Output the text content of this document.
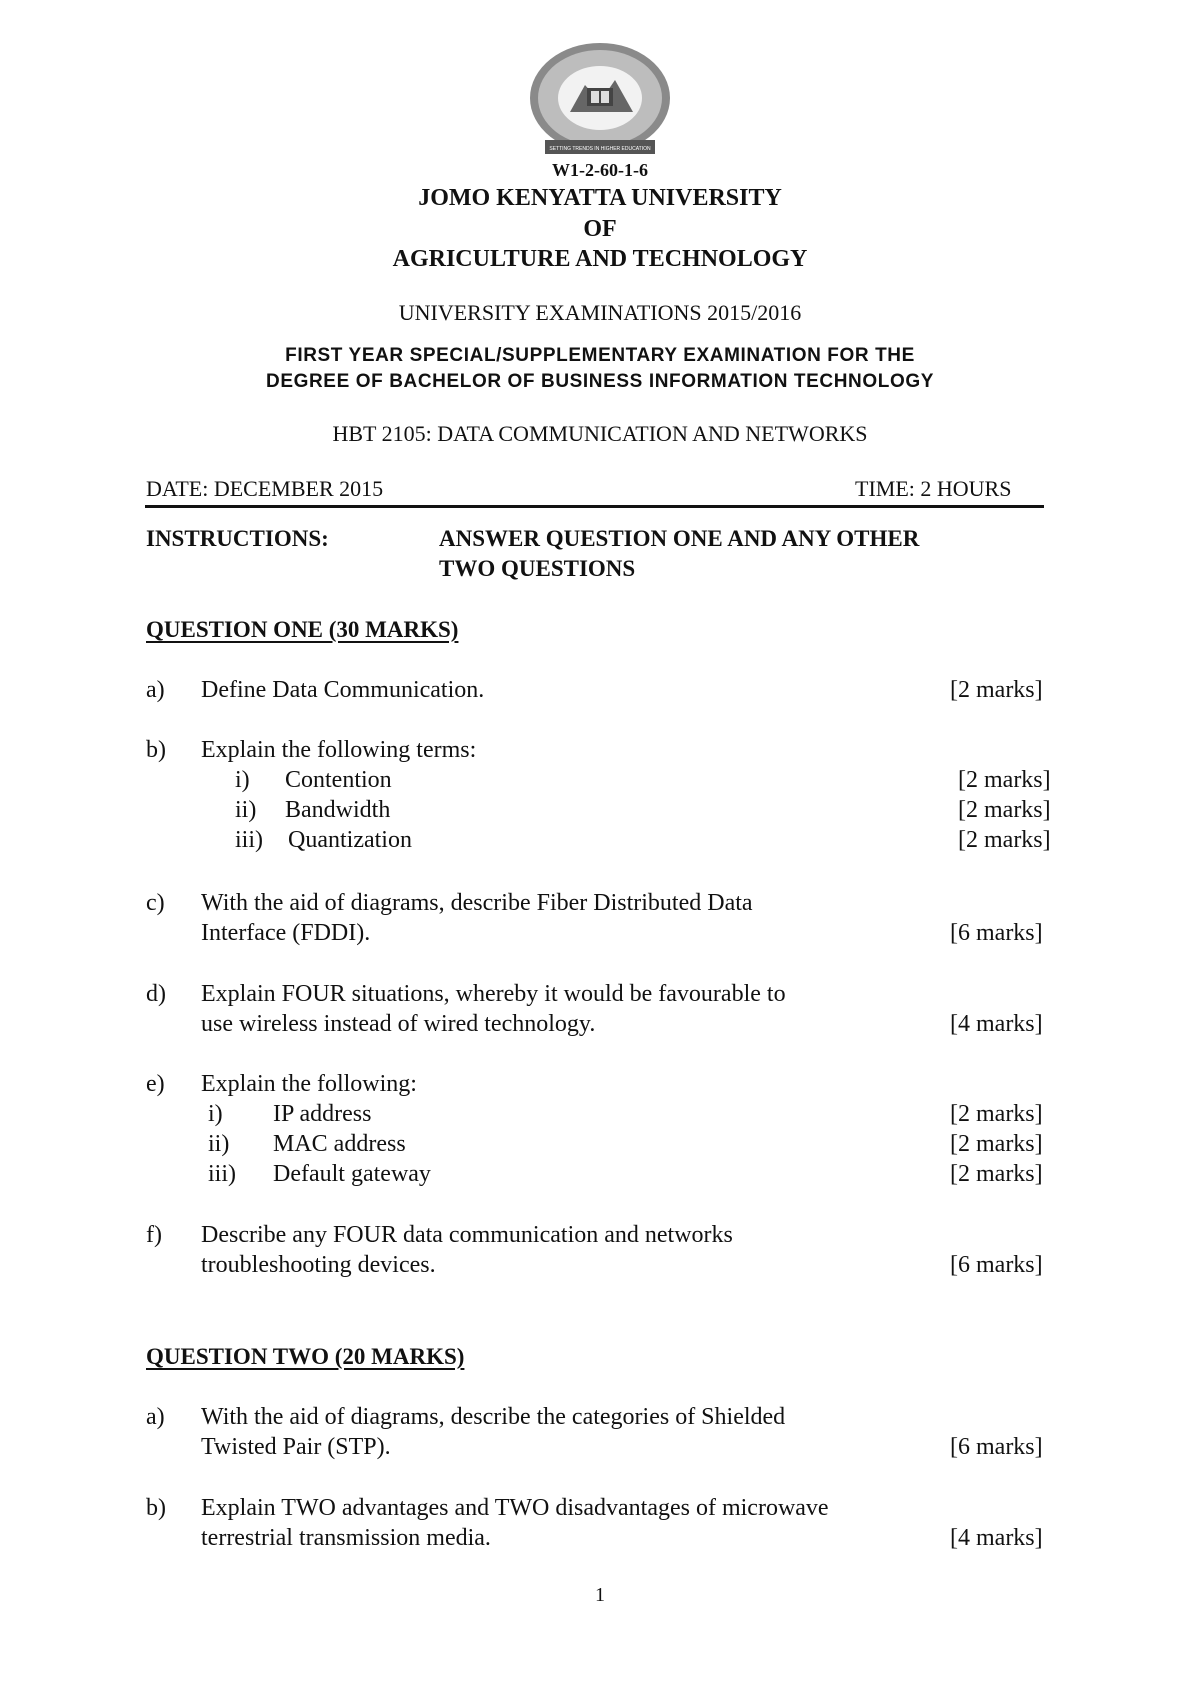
SETTING TRENDS IN HIGHER EDUCATION
W1-2-60-1-6
JOMO KENYATTA UNIVERSITY
OF
AGRICULTURE AND TECHNOLOGY
UNIVERSITY EXAMINATIONS 2015/2016
FIRST YEAR SPECIAL/SUPPLEMENTARY EXAMINATION FOR THE
DEGREE OF BACHELOR OF BUSINESS INFORMATION TECHNOLOGY
HBT 2105: DATA COMMUNICATION AND NETWORKS
DATE: DECEMBER 2015	TIME: 2 HOURS
INSTRUCTIONS:	ANSWER QUESTION ONE AND ANY OTHER
TWO QUESTIONS
QUESTION ONE (30 MARKS)
a) Define Data Communication.	[2 marks]
b) Explain the following terms:
i) Contention	[2 marks]
ii) Bandwidth	[2 marks]
iii) Quantization	[2 marks]
c) With the aid of diagrams, describe Fiber Distributed Data
Interface (FDDI).	[6 marks]
d) Explain FOUR situations, whereby it would be favourable to
use wireless instead of wired technology.	[4 marks]
e) Explain the following:
i) IP address	[2 marks]
ii) MAC address	[2 marks]
iii) Default gateway	[2 marks]
f) Describe any FOUR data communication and networks
troubleshooting devices.	[6 marks]
QUESTION TWO (20 MARKS)
a) With the aid of diagrams, describe the categories of Shielded
Twisted Pair (STP).	[6 marks]
b) Explain TWO advantages and TWO disadvantages of microwave
terrestrial transmission media.	[4 marks]
1
